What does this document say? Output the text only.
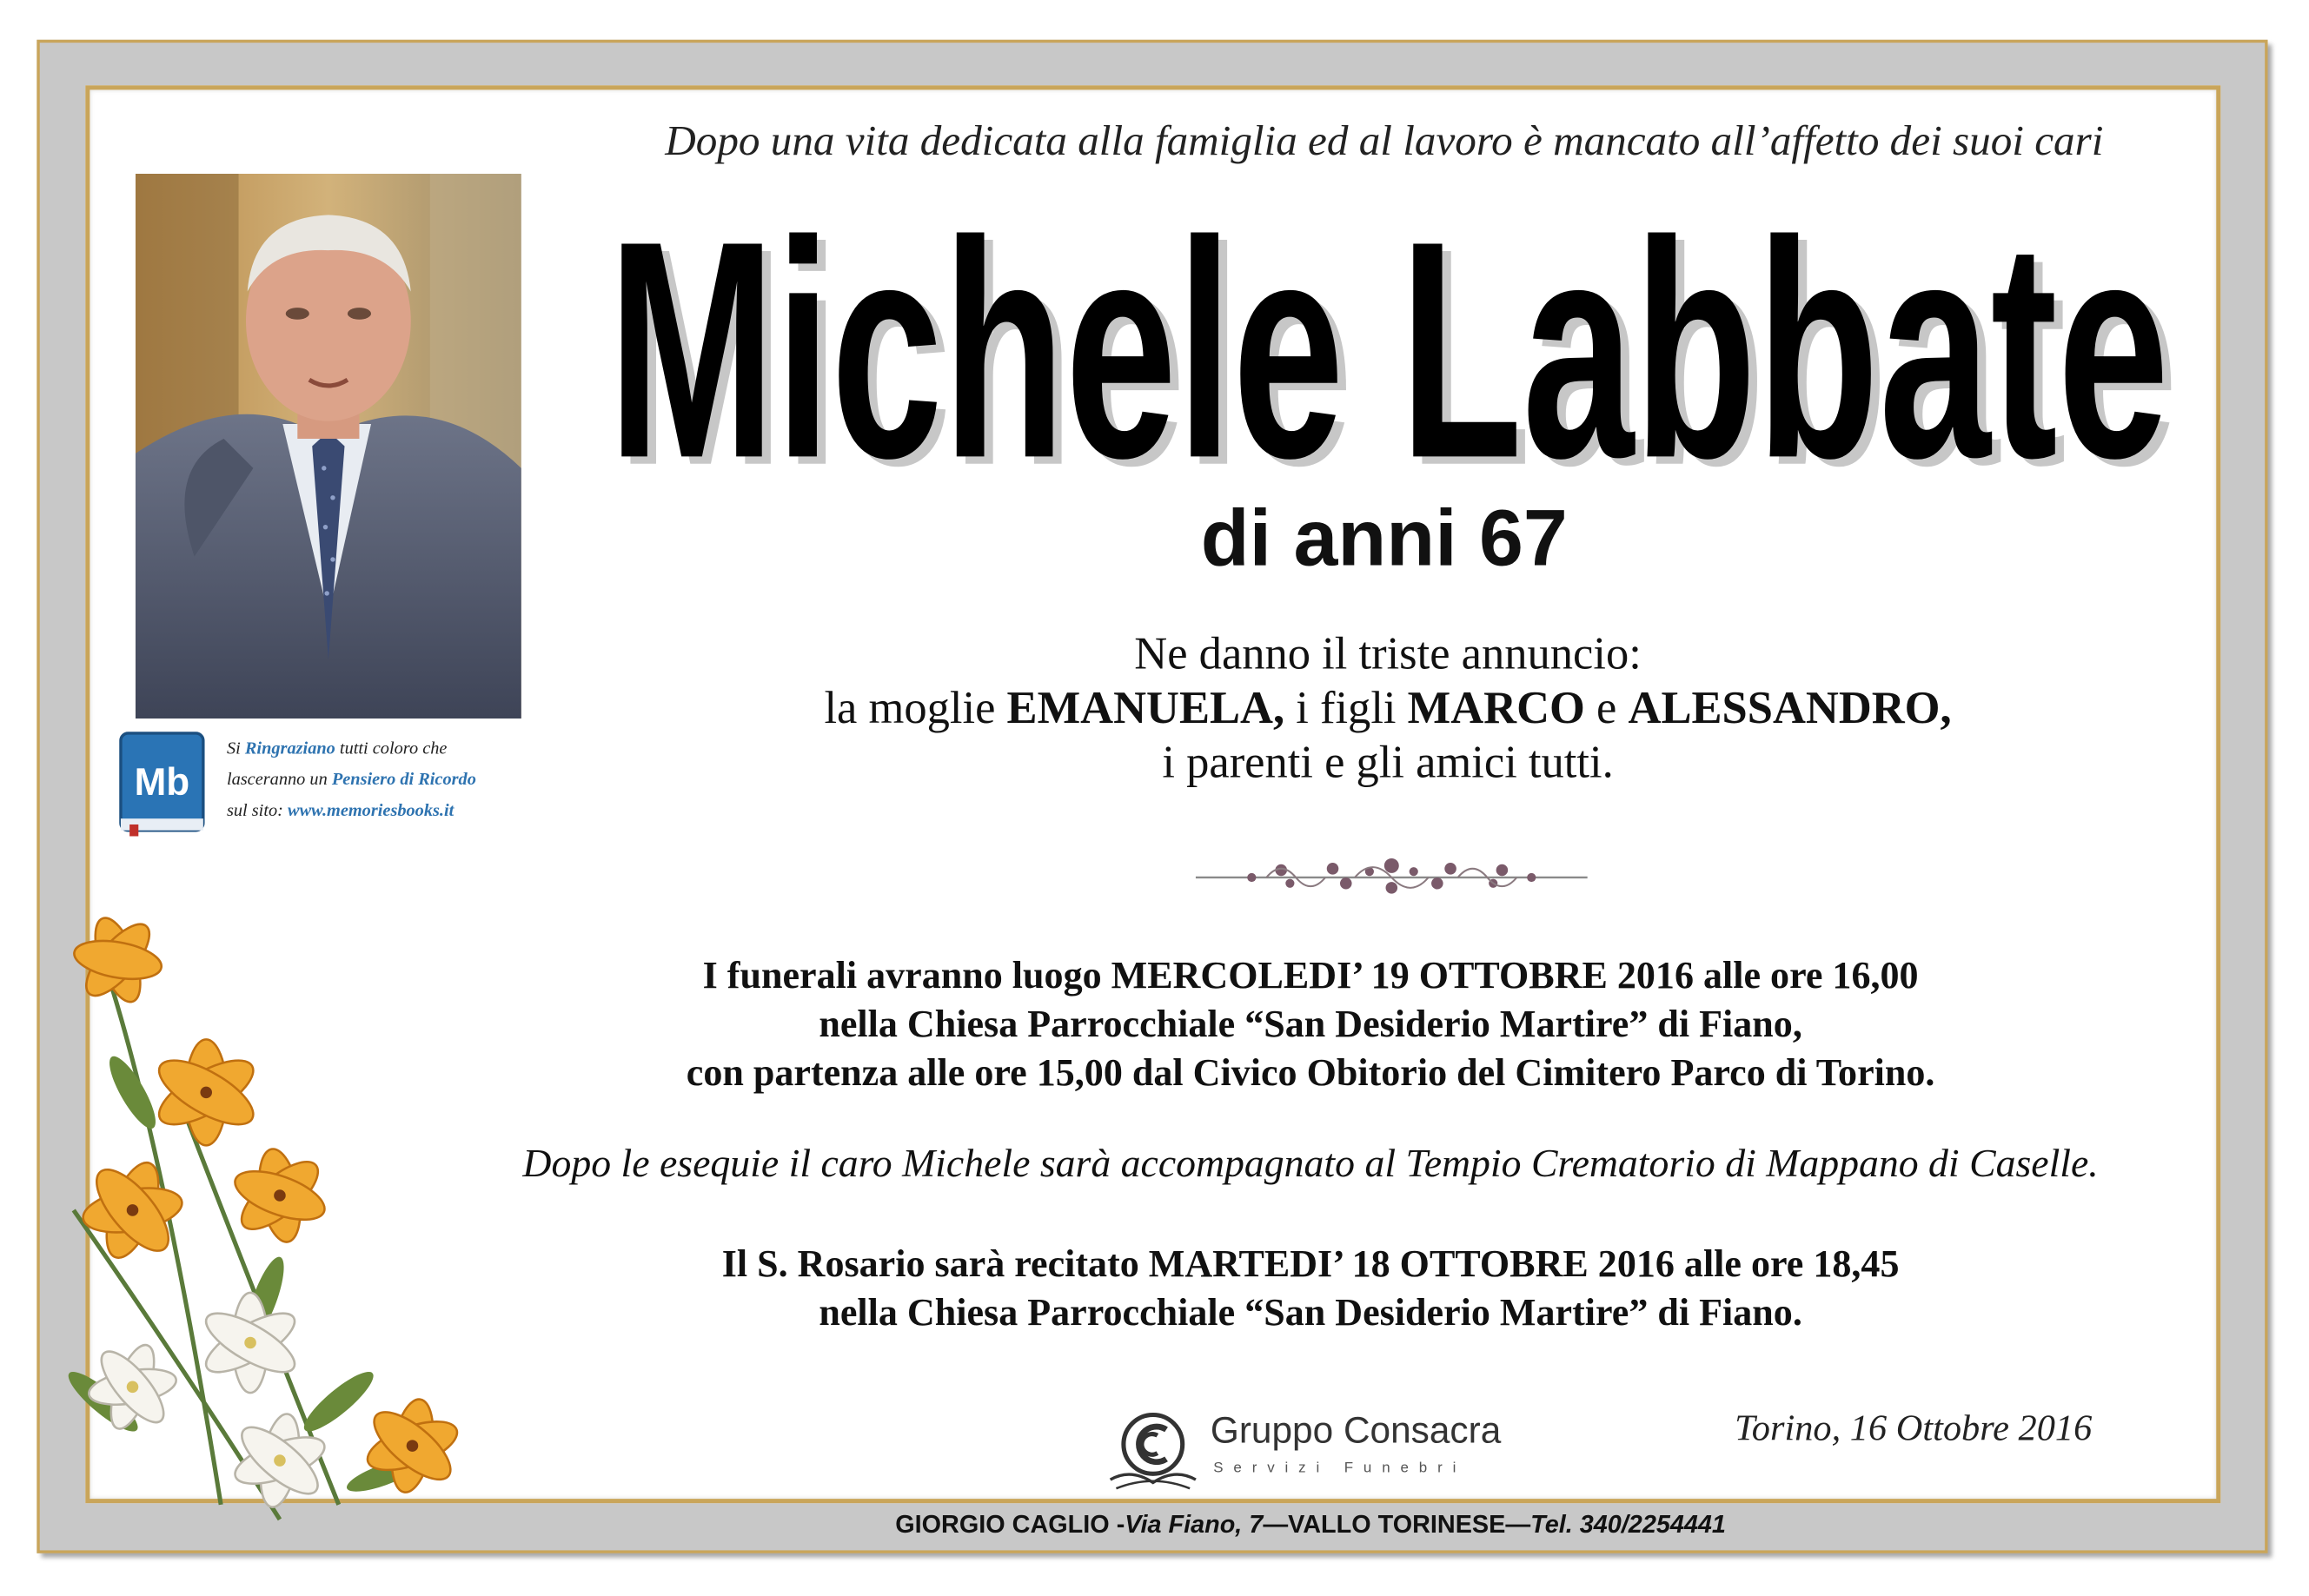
Dopo una vita dedicata alla famiglia ed al lavoro è mancato all’affetto dei suoi cari
Michele Labbate
Michele Labbate
di anni 67
Ne danno il triste annuncio:
la moglie EMANUELA, i figli MARCO e ALESSANDRO,
i parenti e gli amici tutti.
I funerali avranno luogo MERCOLEDI’ 19 OTTOBRE 2016 alle ore 16,00
nella Chiesa Parrocchiale “San Desiderio Martire” di Fiano,
con partenza alle ore 15,00 dal Civico Obitorio del Cimitero Parco di Torino.
Dopo le esequie il caro Michele sarà accompagnato al Tempio Crematorio di Mappano di Caselle.
Il S. Rosario sarà recitato MARTEDI’ 18 OTTOBRE 2016 alle ore 18,45
nella Chiesa Parrocchiale “San Desiderio Martire” di Fiano.
Mb
Si Ringraziano tutti coloro che
lasceranno un Pensiero di Ricordo
sul sito: www.memoriesbooks.it
Gruppo Consacra
Servizi Funebri
Torino, 16 Ottobre 2016
GIORGIO CAGLIO -Via Fiano, 7—VALLO TORINESE—Tel. 340/2254441
